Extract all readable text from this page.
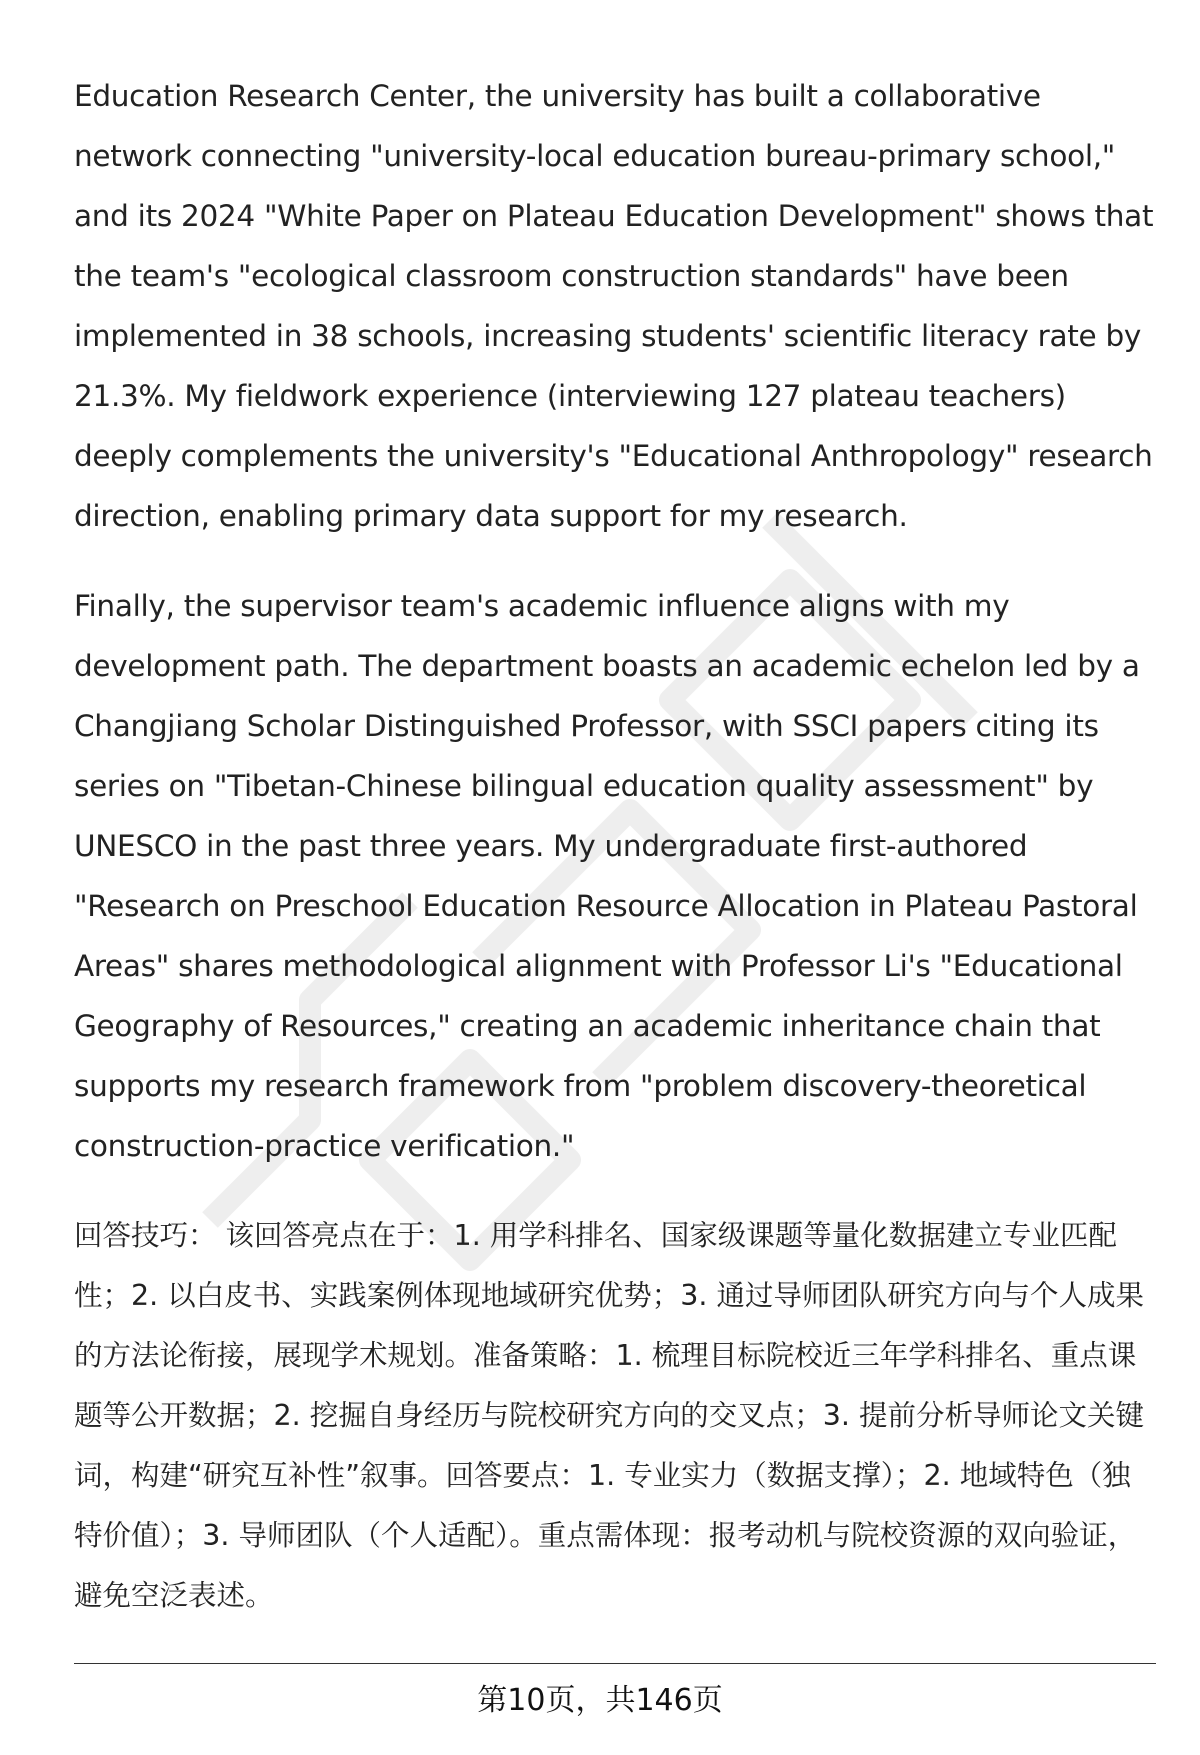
Education Research Center, the university has built a collaborative network connecting "university-local education bureau-primary school," and its 2024 "White Paper on Plateau Education Development" shows that the team's "ecological classroom construction standards" have been implemented in 38 schools, increasing students' scientific literacy rate by 21.3%. My fieldwork experience (interviewing 127 plateau teachers) deeply complements the university's "Educational Anthropology" research direction, enabling primary data support for my research.

Finally, the supervisor team's academic influence aligns with my development path. The department boasts an academic echelon led by a Changjiang Scholar Distinguished Professor, with SSCI papers citing its series on "Tibetan-Chinese bilingual education quality assessment" by UNESCO in the past three years. My undergraduate first-authored "Research on Preschool Education Resource Allocation in Plateau Pastoral Areas" shares methodological alignment with Professor Li's "Educational Geography of Resources," creating an academic inheritance chain that supports my research framework from "problem discovery-theoretical construction-practice verification."

回答技巧： 该回答亮点在于：1. 用学科排名、国家级课题等量化数据建立专业匹配性；2. 以白皮书、实践案例体现地域研究优势；3. 通过导师团队研究方向与个人成果的方法论衔接，展现学术规划。准备策略：1. 梳理目标院校近三年学科排名、重点课题等公开数据；2. 挖掘自身经历与院校研究方向的交叉点；3. 提前分析导师论文关键词，构建“研究互补性”叙事。回答要点：1. 专业实力（数据支撑）；2. 地域特色（独特价值）；3. 导师团队（个人适配）。重点需体现：报考动机与院校资源的双向验证，避免空泛表述。

第10页，共146页
